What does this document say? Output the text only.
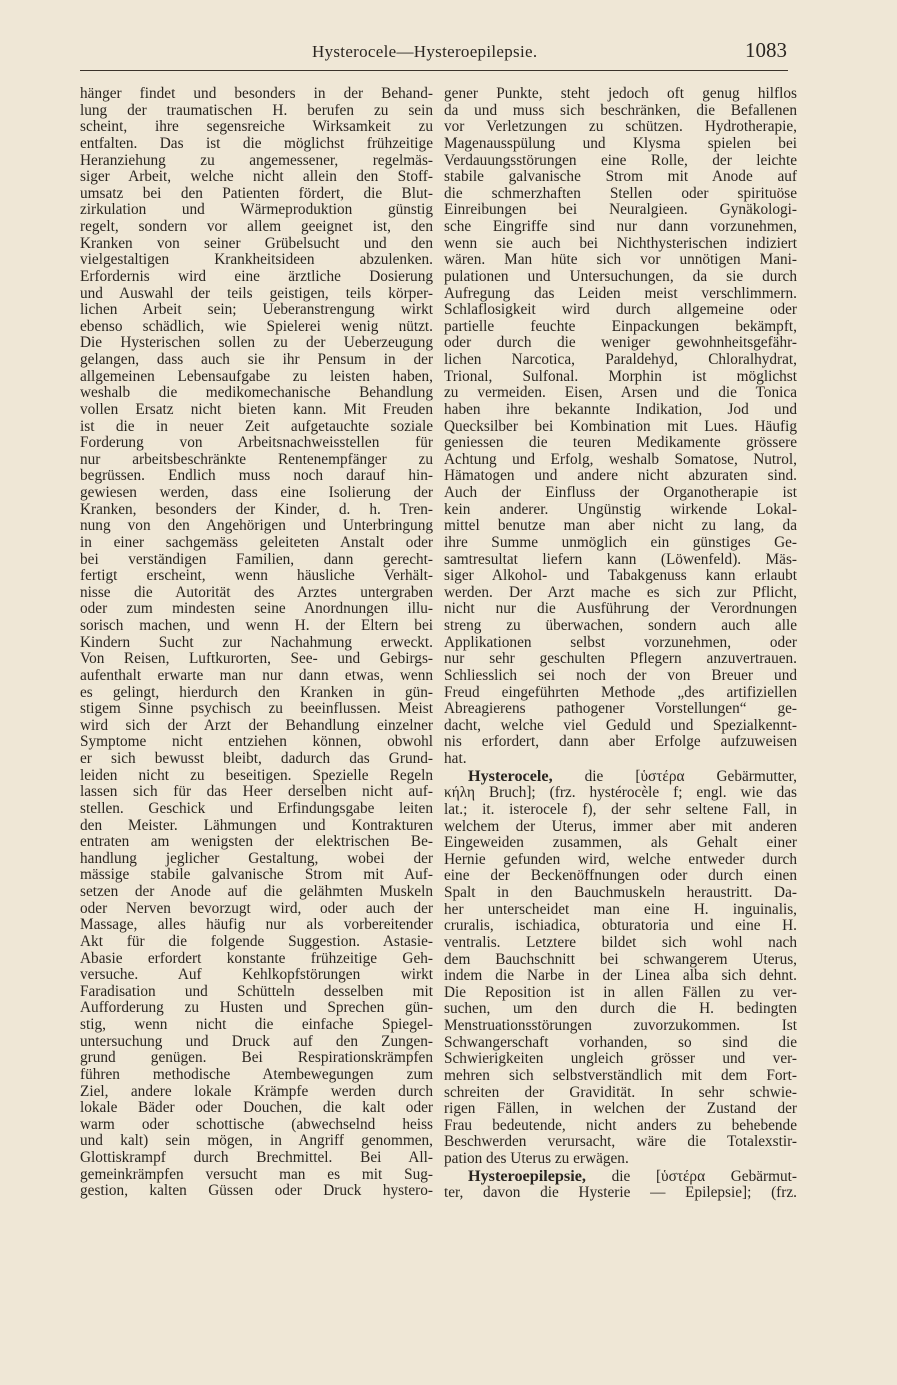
Hysterocele—Hysteroepilepsie.	1083
hänger findet und besonders in der Behand-
lung der traumatischen H. berufen zu sein
scheint, ihre segensreiche Wirksamkeit zu
entfalten. Das ist die möglichst frühzeitige
Heranziehung zu angemessener, regelmäs-
siger Arbeit, welche nicht allein den Stoff-
umsatz bei den Patienten fördert, die Blut-
zirkulation und Wärmeproduktion günstig
regelt, sondern vor allem geeignet ist, den
Kranken von seiner Grübelsucht und den
vielgestaltigen Krankheitsideen abzulenken.
Erfordernis wird eine ärztliche Dosierung
und Auswahl der teils geistigen, teils körper-
lichen Arbeit sein; Ueberanstrengung wirkt
ebenso schädlich, wie Spielerei wenig nützt.
Die Hysterischen sollen zu der Ueberzeugung
gelangen, dass auch sie ihr Pensum in der
allgemeinen Lebensaufgabe zu leisten haben,
weshalb die medikomechanische Behandlung
vollen Ersatz nicht bieten kann. Mit Freuden
ist die in neuer Zeit aufgetauchte soziale
Forderung von Arbeitsnachweisstellen für
nur arbeitsbeschränkte Rentenempfänger zu
begrüssen. Endlich muss noch darauf hin-
gewiesen werden, dass eine Isolierung der
Kranken, besonders der Kinder, d. h. Tren-
nung von den Angehörigen und Unterbringung
in einer sachgemäss geleiteten Anstalt oder
bei verständigen Familien, dann gerecht-
fertigt erscheint, wenn häusliche Verhält-
nisse die Autorität des Arztes untergraben
oder zum mindesten seine Anordnungen illu-
sorisch machen, und wenn H. der Eltern bei
Kindern Sucht zur Nachahmung erweckt.
Von Reisen, Luftkurorten, See- und Gebirgs-
aufenthalt erwarte man nur dann etwas, wenn
es gelingt, hierdurch den Kranken in gün-
stigem Sinne psychisch zu beeinflussen. Meist
wird sich der Arzt der Behandlung einzelner
Symptome nicht entziehen können, obwohl
er sich bewusst bleibt, dadurch das Grund-
leiden nicht zu beseitigen. Spezielle Regeln
lassen sich für das Heer derselben nicht auf-
stellen. Geschick und Erfindungsgabe leiten
den Meister. Lähmungen und Kontrakturen
entraten am wenigsten der elektrischen Be-
handlung jeglicher Gestaltung, wobei der
mässige stabile galvanische Strom mit Auf-
setzen der Anode auf die gelähmten Muskeln
oder Nerven bevorzugt wird, oder auch der
Massage, alles häufig nur als vorbereitender
Akt für die folgende Suggestion. Astasie-
Abasie erfordert konstante frühzeitige Geh-
versuche. Auf Kehlkopfstörungen wirkt
Faradisation und Schütteln desselben mit
Aufforderung zu Husten und Sprechen gün-
stig, wenn nicht die einfache Spiegel-
untersuchung und Druck auf den Zungen-
grund genügen. Bei Respirationskrämpfen
führen methodische Atembewegungen zum
Ziel, andere lokale Krämpfe werden durch
lokale Bäder oder Douchen, die kalt oder
warm oder schottische (abwechselnd heiss
und kalt) sein mögen, in Angriff genommen,
Glottiskrampf durch Brechmittel. Bei All-
gemeinkrämpfen versucht man es mit Sug-
gestion, kalten Güssen oder Druck hystero-
gener Punkte, steht jedoch oft genug hilflos
da und muss sich beschränken, die Befallenen
vor Verletzungen zu schützen. Hydrotherapie,
Magenausspülung und Klysma spielen bei
Verdauungsstörungen eine Rolle, der leichte
stabile galvanische Strom mit Anode auf
die schmerzhaften Stellen oder spirituöse
Einreibungen bei Neuralgieen. Gynäkologi-
sche Eingriffe sind nur dann vorzunehmen,
wenn sie auch bei Nichthysterischen indiziert
wären. Man hüte sich vor unnötigen Mani-
pulationen und Untersuchungen, da sie durch
Aufregung das Leiden meist verschlimmern.
Schlaflosigkeit wird durch allgemeine oder
partielle feuchte Einpackungen bekämpft,
oder durch die weniger gewohnheitsgefähr-
lichen Narcotica, Paraldehyd, Chloralhydrat,
Trional, Sulfonal. Morphin ist möglichst
zu vermeiden. Eisen, Arsen und die Tonica
haben ihre bekannte Indikation, Jod und
Quecksilber bei Kombination mit Lues. Häufig
geniessen die teuren Medikamente grössere
Achtung und Erfolg, weshalb Somatose, Nutrol,
Hämatogen und andere nicht abzuraten sind.
Auch der Einfluss der Organotherapie ist
kein anderer. Ungünstig wirkende Lokal-
mittel benutze man aber nicht zu lang, da
ihre Summe unmöglich ein günstiges Ge-
samtresultat liefern kann (Löwenfeld). Mäs-
siger Alkohol- und Tabakgenuss kann erlaubt
werden. Der Arzt mache es sich zur Pflicht,
nicht nur die Ausführung der Verordnungen
streng zu überwachen, sondern auch alle
Applikationen selbst vorzunehmen, oder
nur sehr geschulten Pflegern anzuvertrauen.
Schliesslich sei noch der von Breuer und
Freud eingeführten Methode „des artifiziellen
Abreagierens pathogener Vorstellungen“ ge-
dacht, welche viel Geduld und Spezialkennt-
nis erfordert, dann aber Erfolge aufzuweisen
hat.
Hysterocele, die [ὑστέρα Gebärmutter,
κήλη Bruch]; (frz. hystérocèle f; engl. wie das
lat.; it. isterocele f), der sehr seltene Fall, in
welchem der Uterus, immer aber mit anderen
Eingeweiden zusammen, als Gehalt einer
Hernie gefunden wird, welche entweder durch
eine der Beckenöffnungen oder durch einen
Spalt in den Bauchmuskeln heraustritt. Da-
her unterscheidet man eine H. inguinalis,
cruralis, ischiadica, obturatoria und eine H.
ventralis. Letztere bildet sich wohl nach
dem Bauchschnitt bei schwangerem Uterus,
indem die Narbe in der Linea alba sich dehnt.
Die Reposition ist in allen Fällen zu ver-
suchen, um den durch die H. bedingten
Menstruationsstörungen zuvorzukommen. Ist
Schwangerschaft vorhanden, so sind die
Schwierigkeiten ungleich grösser und ver-
mehren sich selbstverständlich mit dem Fort-
schreiten der Gravidität. In sehr schwie-
rigen Fällen, in welchen der Zustand der
Frau bedeutende, nicht anders zu behebende
Beschwerden verursacht, wäre die Totalexstir-
pation des Uterus zu erwägen.
Hysteroepilepsie, die [ὑστέρα Gebärmut-
ter, davon die Hysterie — Epilepsie]; (frz.
